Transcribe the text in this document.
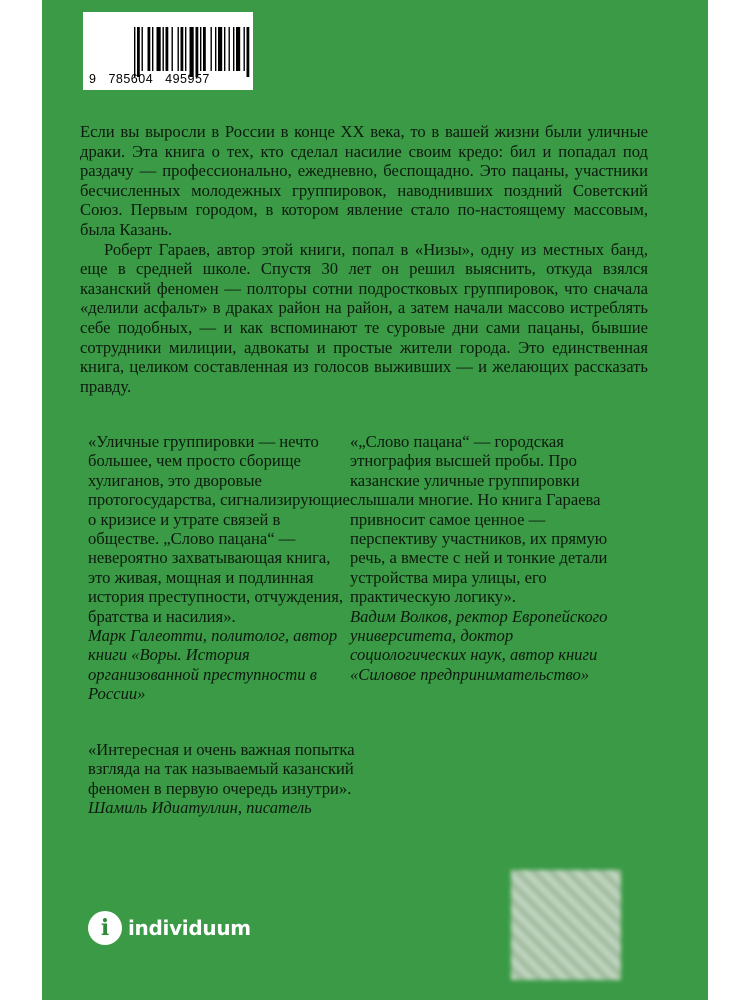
9 785604 495957

Если вы выросли в России в конце XX века, то в вашей жизни были уличные драки. Эта книга о тех, кто сделал насилие своим кредо: бил и попадал под раздачу — профессионально, ежедневно, беспощадно. Это пацаны, участники бесчисленных молодежных группировок, наводнивших поздний Советский Союз. Первым городом, в котором явление стало по-настоящему массовым, была Казань.

Роберт Гараев, автор этой книги, попал в «Низы», одну из местных банд, еще в средней школе. Спустя 30 лет он решил выяснить, откуда взялся казанский феномен — полторы сотни подростковых группировок, что сначала «делили асфальт» в драках район на район, а затем начали массово истреблять себе подобных, — и как вспоминают те суровые дни сами пацаны, бывшие сотрудники милиции, адвокаты и простые жители города. Это единственная книга, целиком составленная из голосов выживших — и желающих рассказать правду.

«Уличные группировки — нечто большее, чем просто сборище хулиганов, это дворовые протогосударства, сигнализирующие о кризисе и утрате связей в обществе. „Слово пацана“ — невероятно захватывающая книга, это живая, мощная и подлинная история преступности, отчуждения, братства и насилия».

Марк Галеотти, политолог, автор книги «Воры. История организованной преступности в России»

«„Слово пацана“ — городская этнография высшей пробы. Про казанские уличные группировки слышали многие. Но книга Гараева привносит самое ценное — перспективу участников, их прямую речь, а вместе с ней и тонкие детали устройства мира улицы, его практическую логику».

Вадим Волков, ректор Европейского университета, доктор социологических наук, автор книги «Силовое предпринимательство»

«Интересная и очень важная попытка взгляда на так называемый казанский феномен в первую очередь изнутри».

Шамиль Идиатуллин, писатель

i individuum
